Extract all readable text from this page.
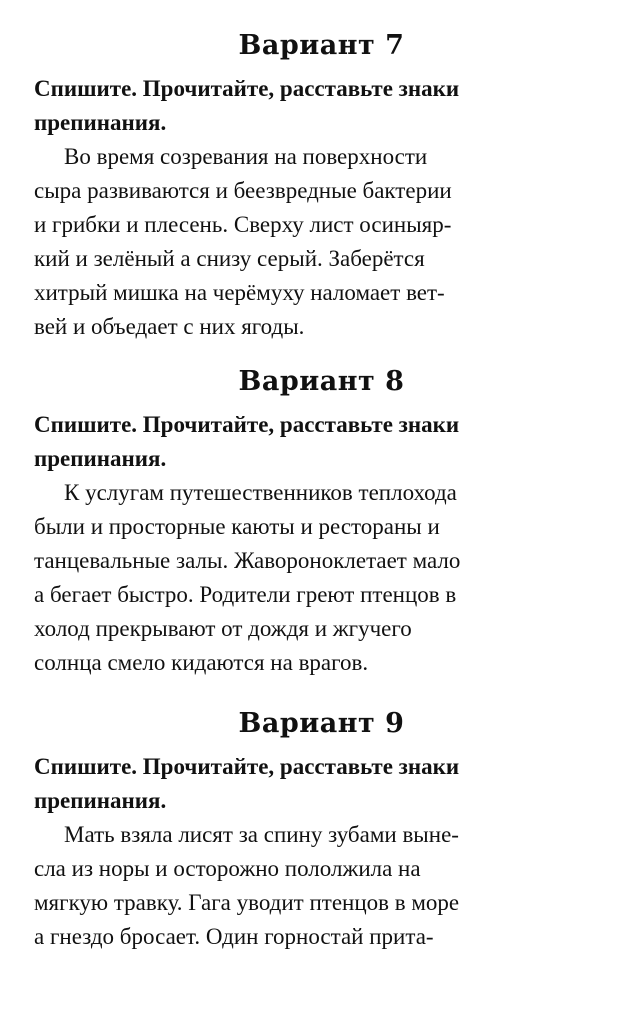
Вариант 7
Спишите. Прочитайте, расставьте знаки
препинания.

Во время созревания на поверхности

сыра развиваются и беезвредные бактерии

и грибки и плесень. Сверху лист осиныяр-

кий и зелёный а снизу серый. Заберётся

хитрый мишка на черёмуху наломает вет-

вей и объедает с них ягоды.

Вариант 8
Спишите. Прочитайте, расставьте знаки
препинания.

К услугам путешественников теплохода

были и просторные каюты и рестораны и

танцевальные залы. Жавороноклетает мало

а бегает быстро. Родители греют птенцов в

холод прекрывают от дождя и жгучего

солнца смело кидаются на врагов.

Вариант 9
Спишите. Прочитайте, расставьте знаки
препинания.

Мать взяла лисят за спину зубами выне-

сла из норы и осторожно пололжила на

мягкую травку. Гага уводит птенцов в море

а гнездо бросает. Один горностай прита-
